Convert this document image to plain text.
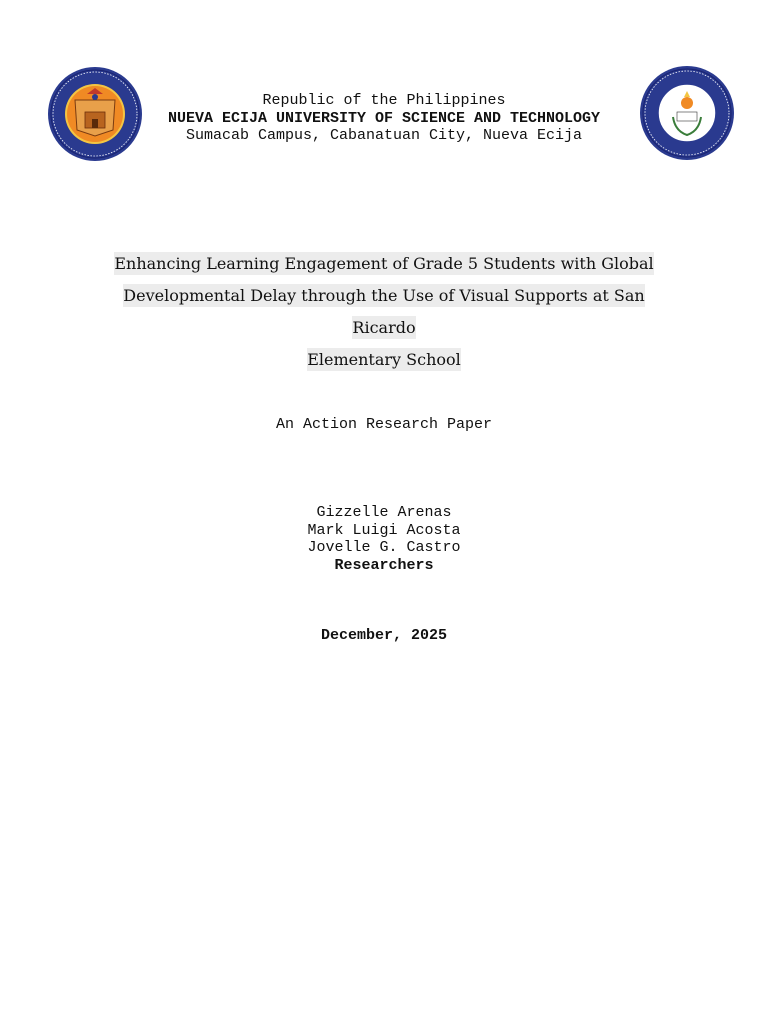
Republic of the Philippines
NUEVA ECIJA UNIVERSITY OF SCIENCE AND TECHNOLOGY
Sumacab Campus, Cabanatuan City, Nueva Ecija
Enhancing Learning Engagement of Grade 5 Students with Global
Developmental Delay through the Use of Visual Supports at San Ricardo
Elementary School
An Action Research Paper
Gizzelle Arenas
Mark Luigi Acosta
Jovelle G. Castro
Researchers
December, 2025
